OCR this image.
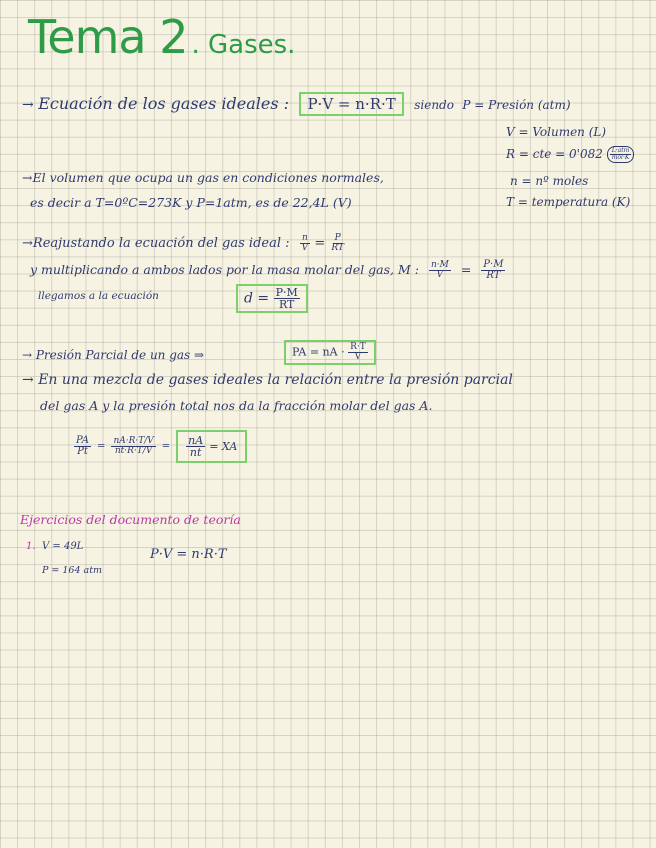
Tema 2 . Gases.
→ Ecuación de los gases ideales : P·V = n·R·T siendo P = Presión (atm)
V = Volumen (L)
R = cte = $0'082 \frac{\text{L·atm}}{\text{mol·K}}$
n = nº moles
T = temperatura (K)
→El volumen que ocupa un gas en condiciones normales,
es decir a T=0ºC=273K y P=1atm, es de 22,4L (V)
→Reajustando la ecuación del gas ideal : $\frac{n}{V} = \frac{P}{RT}$
y multiplicando a ambos lados por la masa molar del gas, M : $\frac{n\cdot M}{V} = \frac{P\cdot M}{RT}$
llegamos a la ecuación	$d = \frac{P\cdot M}{RT}$
→ Presión Parcial de un gas ⇒	PA = nA · $\frac{R\cdot T}{V}$
→ En una mezcla de gases ideales la relación entre la presión parcial
del gas A y la presión total nos da la fracción molar del gas A.
$\frac{PA}{Pt} = \frac{nA\cdot R\cdot T/V}{nt\cdot R\cdot T/V} = \frac{nA}{nt}$ = XA
Ejercicios del documento de teoría
1. V = 49L
P = 164 atm
P·V = n·R·T
